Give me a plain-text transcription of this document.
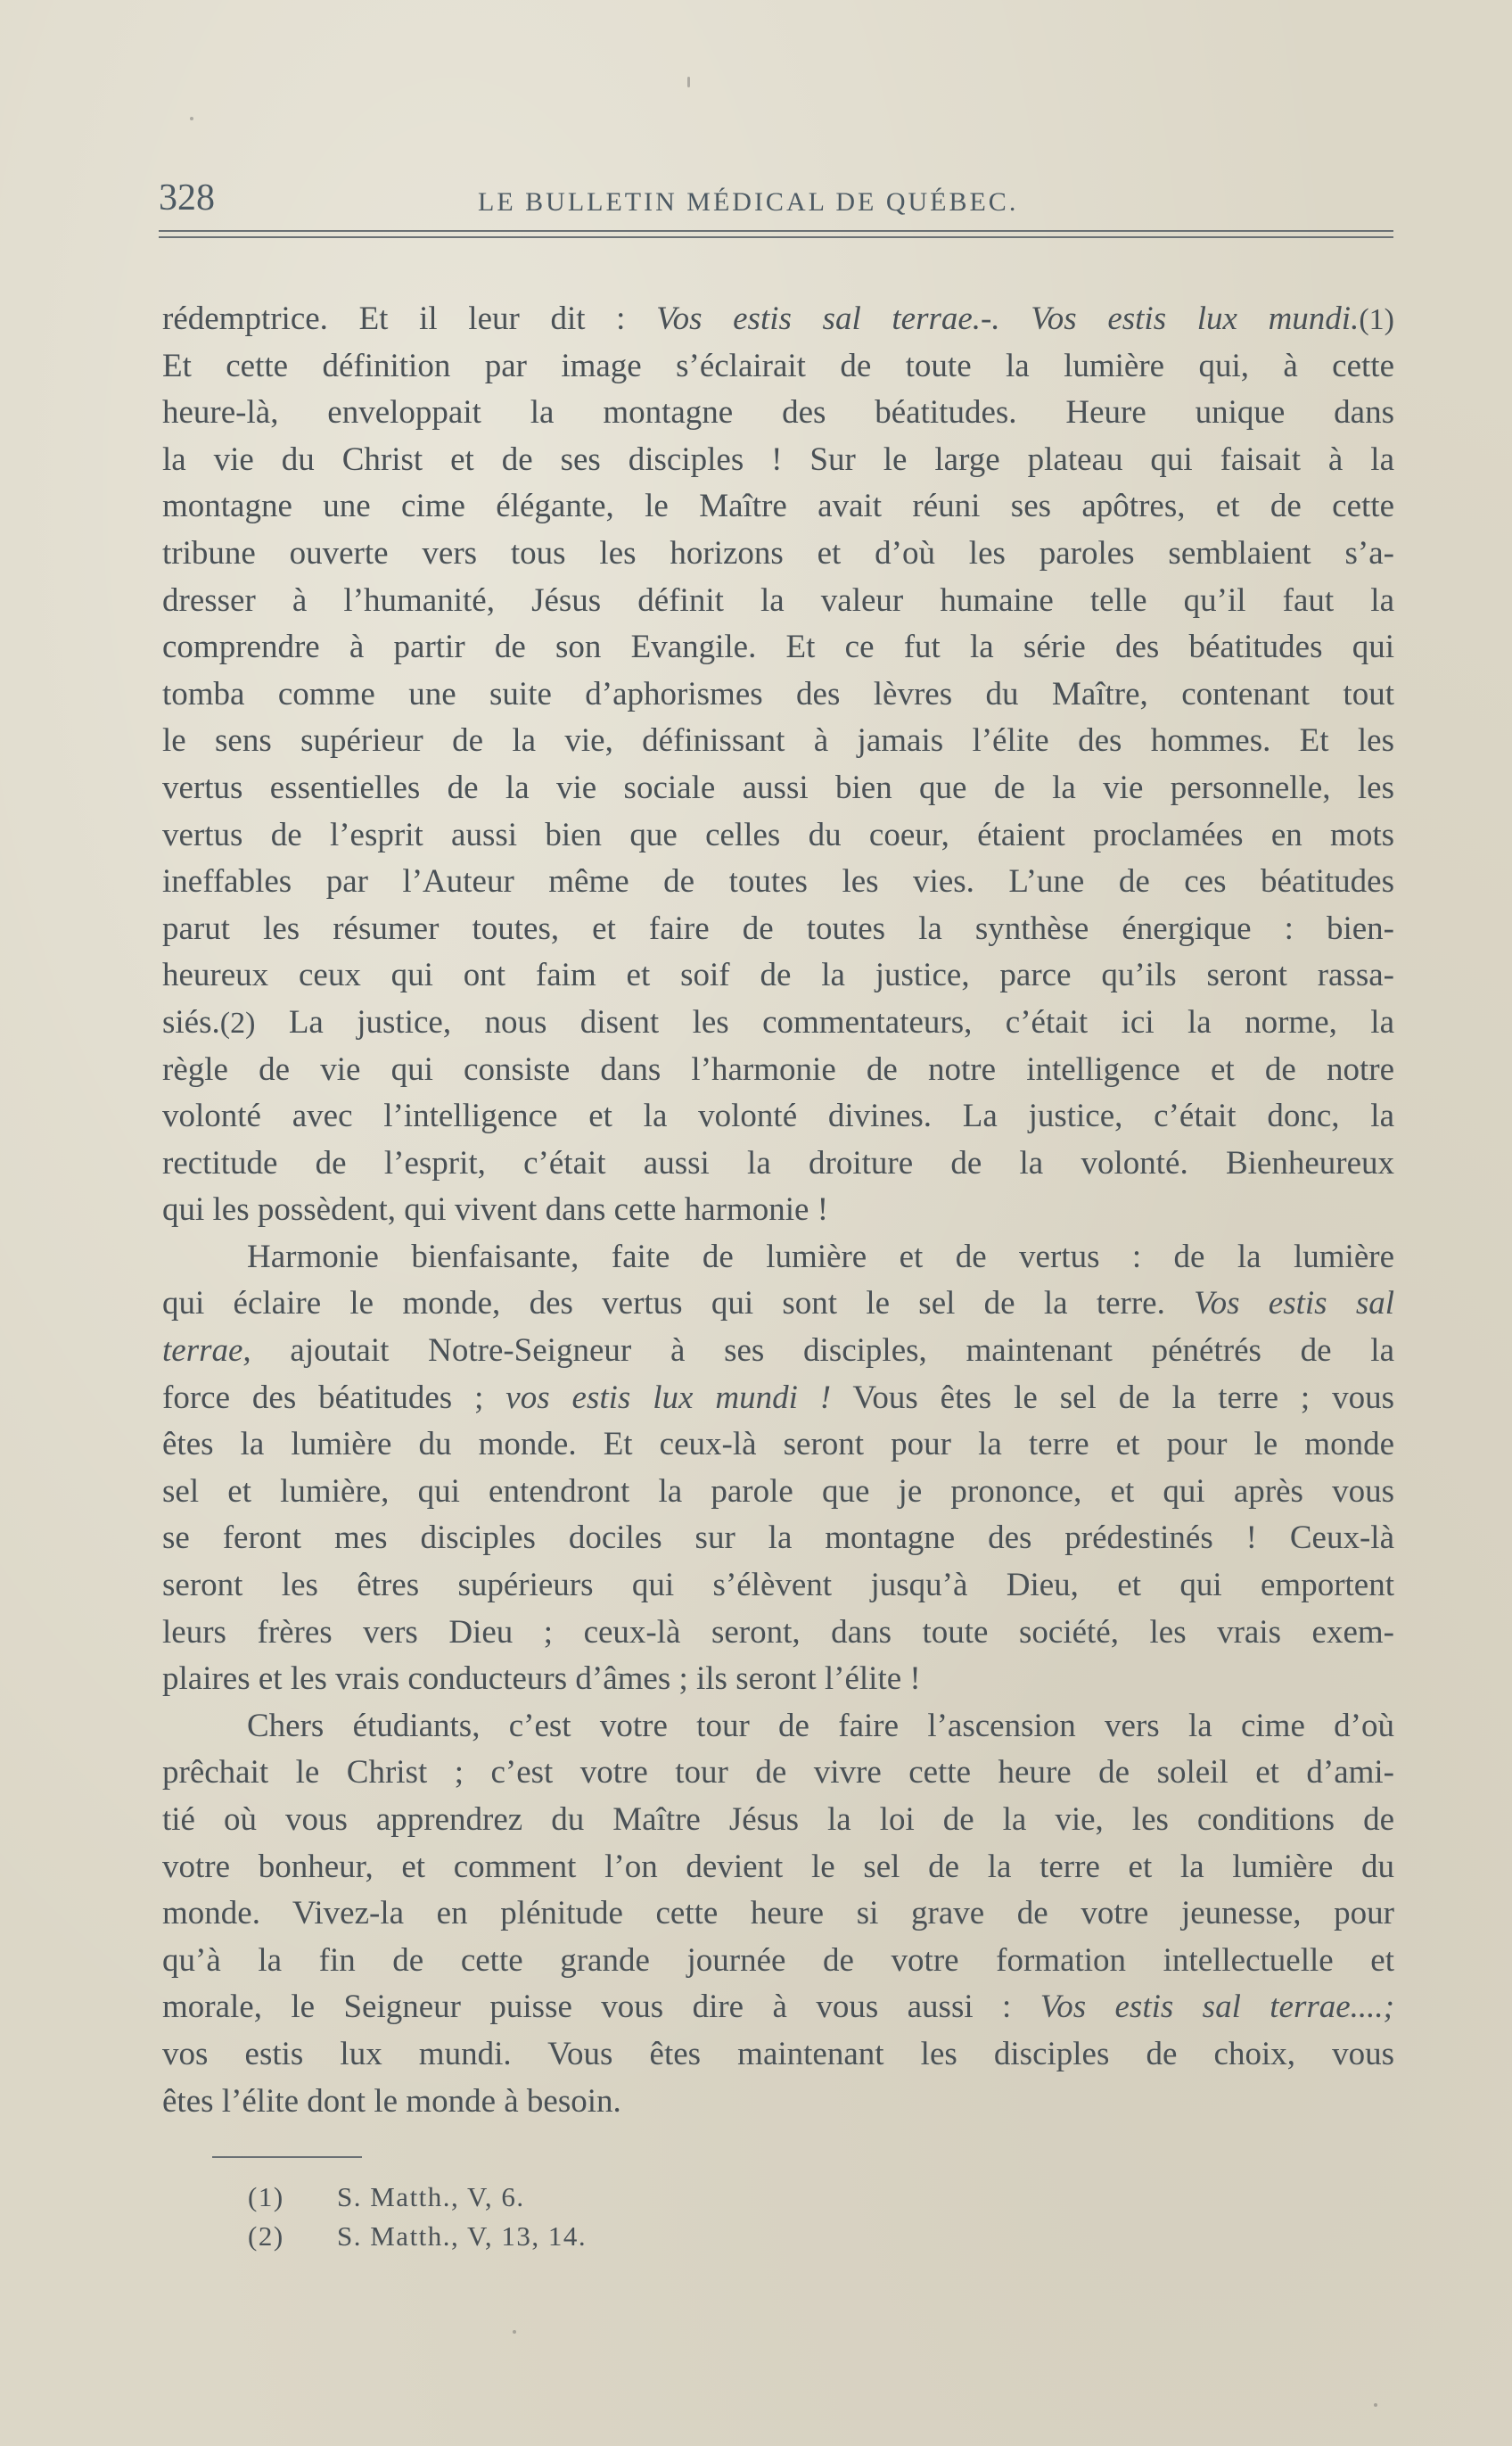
328	LE BULLETIN MÉDICAL DE QUÉBEC.
rédemptrice. Et il leur dit : Vos estis sal terrae.-. Vos estis lux mundi.(1)
Et cette définition par image s’éclairait de toute la lumière qui, à cette
heure-là, enveloppait la montagne des béatitudes. Heure unique dans
la vie du Christ et de ses disciples ! Sur le large plateau qui faisait à la
montagne une cime élégante, le Maître avait réuni ses apôtres, et de cette
tribune ouverte vers tous les horizons et d’où les paroles semblaient s’a-
dresser à l’humanité, Jésus définit la valeur humaine telle qu’il faut la
comprendre à partir de son Evangile. Et ce fut la série des béatitudes qui
tomba comme une suite d’aphorismes des lèvres du Maître, contenant tout
le sens supérieur de la vie, définissant à jamais l’élite des hommes. Et les
vertus essentielles de la vie sociale aussi bien que de la vie personnelle, les
vertus de l’esprit aussi bien que celles du coeur, étaient proclamées en mots
ineffables par l’Auteur même de toutes les vies. L’une de ces béatitudes
parut les résumer toutes, et faire de toutes la synthèse énergique : bien-
heureux ceux qui ont faim et soif de la justice, parce qu’ils seront rassa-
siés.(2) La justice, nous disent les commentateurs, c’était ici la norme, la
règle de vie qui consiste dans l’harmonie de notre intelligence et de notre
volonté avec l’intelligence et la volonté divines. La justice, c’était donc, la
rectitude de l’esprit, c’était aussi la droiture de la volonté. Bienheureux
qui les possèdent, qui vivent dans cette harmonie !
Harmonie bienfaisante, faite de lumière et de vertus : de la lumière
qui éclaire le monde, des vertus qui sont le sel de la terre. Vos estis sal
terrae, ajoutait Notre-Seigneur à ses disciples, maintenant pénétrés de la
force des béatitudes ; vos estis lux mundi ! Vous êtes le sel de la terre ; vous
êtes la lumière du monde. Et ceux-là seront pour la terre et pour le monde
sel et lumière, qui entendront la parole que je prononce, et qui après vous
se feront mes disciples dociles sur la montagne des prédestinés ! Ceux-là
seront les êtres supérieurs qui s’élèvent jusqu’à Dieu, et qui emportent
leurs frères vers Dieu ; ceux-là seront, dans toute société, les vrais exem-
plaires et les vrais conducteurs d’âmes ; ils seront l’élite !
Chers étudiants, c’est votre tour de faire l’ascension vers la cime d’où
prêchait le Christ ; c’est votre tour de vivre cette heure de soleil et d’ami-
tié où vous apprendrez du Maître Jésus la loi de la vie, les conditions de
votre bonheur, et comment l’on devient le sel de la terre et la lumière du
monde. Vivez-la en plénitude cette heure si grave de votre jeunesse, pour
qu’à la fin de cette grande journée de votre formation intellectuelle et
morale, le Seigneur puisse vous dire à vous aussi : Vos estis sal terrae....;
vos estis lux mundi. Vous êtes maintenant les disciples de choix, vous
êtes l’élite dont le monde à besoin.
(1) S. Matth., V, 6.
(2) S. Matth., V, 13, 14.
